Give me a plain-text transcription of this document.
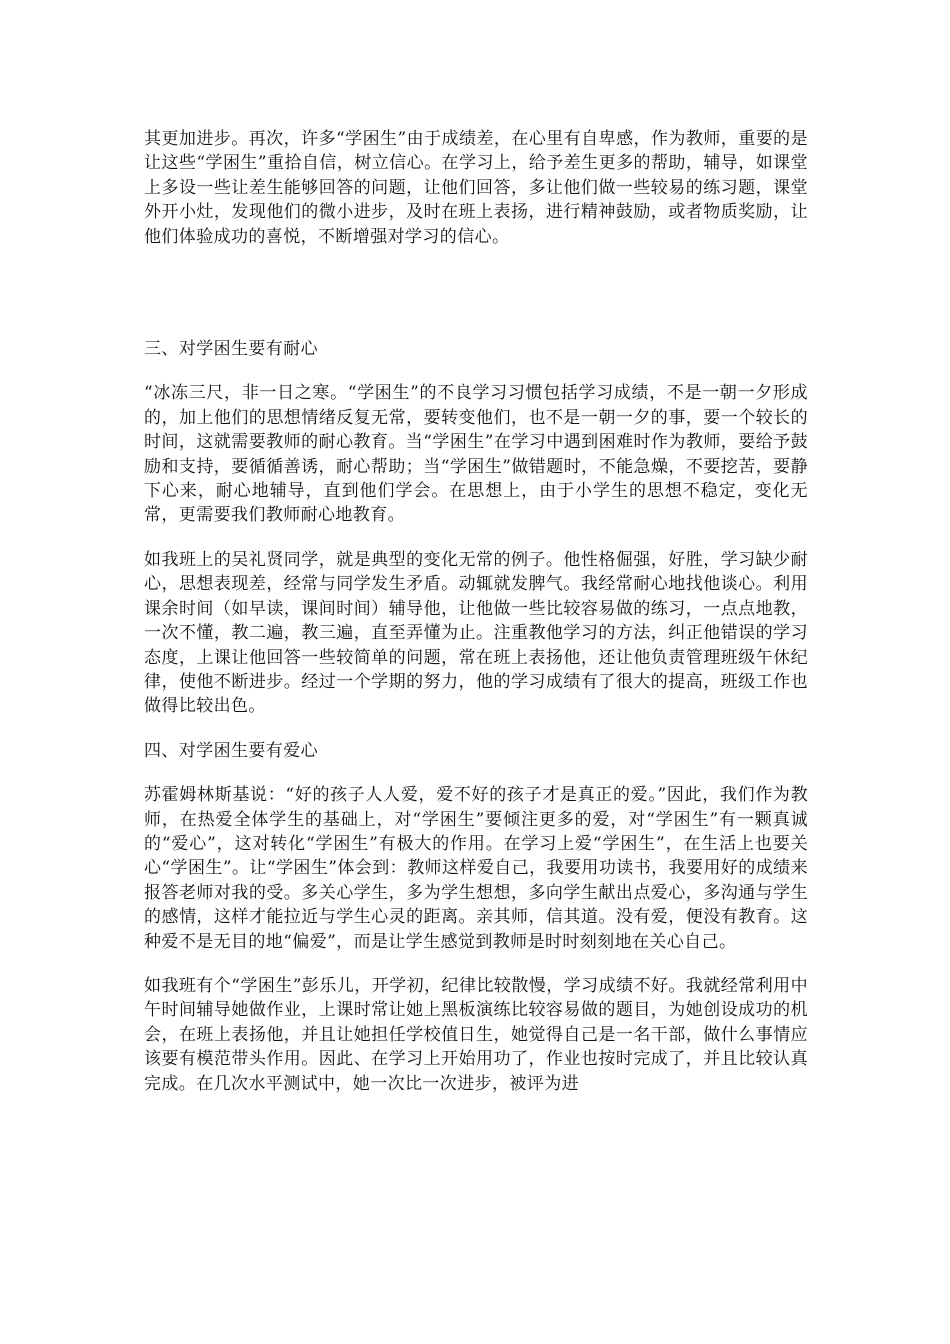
其更加进步。再次，许多“学困生”由于成绩差，在心里有自卑感，作为教师，重要的是让这些“学困生”重拾自信，树立信心。在学习上，给予差生更多的帮助，辅导，如课堂上多设一些让差生能够回答的问题，让他们回答，多让他们做一些较易的练习题，课堂外开小灶，发现他们的微小进步，及时在班上表扬，进行精神鼓励，或者物质奖励，让他们体验成功的喜悦，不断增强对学习的信心。

三、对学困生要有耐心

“冰冻三尺，非一日之寒。“学困生”的不良学习习惯包括学习成绩，不是一朝一夕形成的，加上他们的思想情绪反复无常，要转变他们，也不是一朝一夕的事，要一个较长的时间，这就需要教师的耐心教育。当“学困生”在学习中遇到困难时作为教师，要给予鼓励和支持，要循循善诱，耐心帮助；当“学困生”做错题时，不能急燥，不要挖苦，要静下心来，耐心地辅导，直到他们学会。在思想上，由于小学生的思想不稳定，变化无常，更需要我们教师耐心地教育。

如我班上的吴礼贤同学，就是典型的变化无常的例子。他性格倔强，好胜，学习缺少耐心，思想表现差，经常与同学发生矛盾。动辄就发脾气。我经常耐心地找他谈心。利用课余时间（如早读，课间时间）辅导他，让他做一些比较容易做的练习，一点点地教，一次不懂，教二遍，教三遍，直至弄懂为止。注重教他学习的方法，纠正他错误的学习态度，上课让他回答一些较简单的问题，常在班上表扬他，还让他负责管理班级午休纪律，使他不断进步。经过一个学期的努力，他的学习成绩有了很大的提高，班级工作也做得比较出色。

四、对学困生要有爱心

苏霍姆林斯基说：“好的孩子人人爱，爱不好的孩子才是真正的爱。”因此，我们作为教师，在热爱全体学生的基础上，对“学困生”要倾注更多的爱，对“学困生”有一颗真诚的“爱心”，这对转化“学困生”有极大的作用。在学习上爱“学困生”，在生活上也要关心“学困生”。让“学困生”体会到：教师这样爱自己，我要用功读书，我要用好的成绩来报答老师对我的受。多关心学生，多为学生想想，多向学生献出点爱心，多沟通与学生的感情，这样才能拉近与学生心灵的距离。亲其师，信其道。没有爱，便没有教育。这种爱不是无目的地“偏爱”，而是让学生感觉到教师是时时刻刻地在关心自己。

如我班有个“学困生”彭乐儿，开学初，纪律比较散慢，学习成绩不好。我就经常利用中午时间辅导她做作业，上课时常让她上黑板演练比较容易做的题目，为她创设成功的机会，在班上表扬他，并且让她担任学校值日生，她觉得自己是一名干部，做什么事情应该要有模范带头作用。因此、在学习上开始用功了，作业也按时完成了，并且比较认真完成。在几次水平测试中，她一次比一次进步，被评为进
